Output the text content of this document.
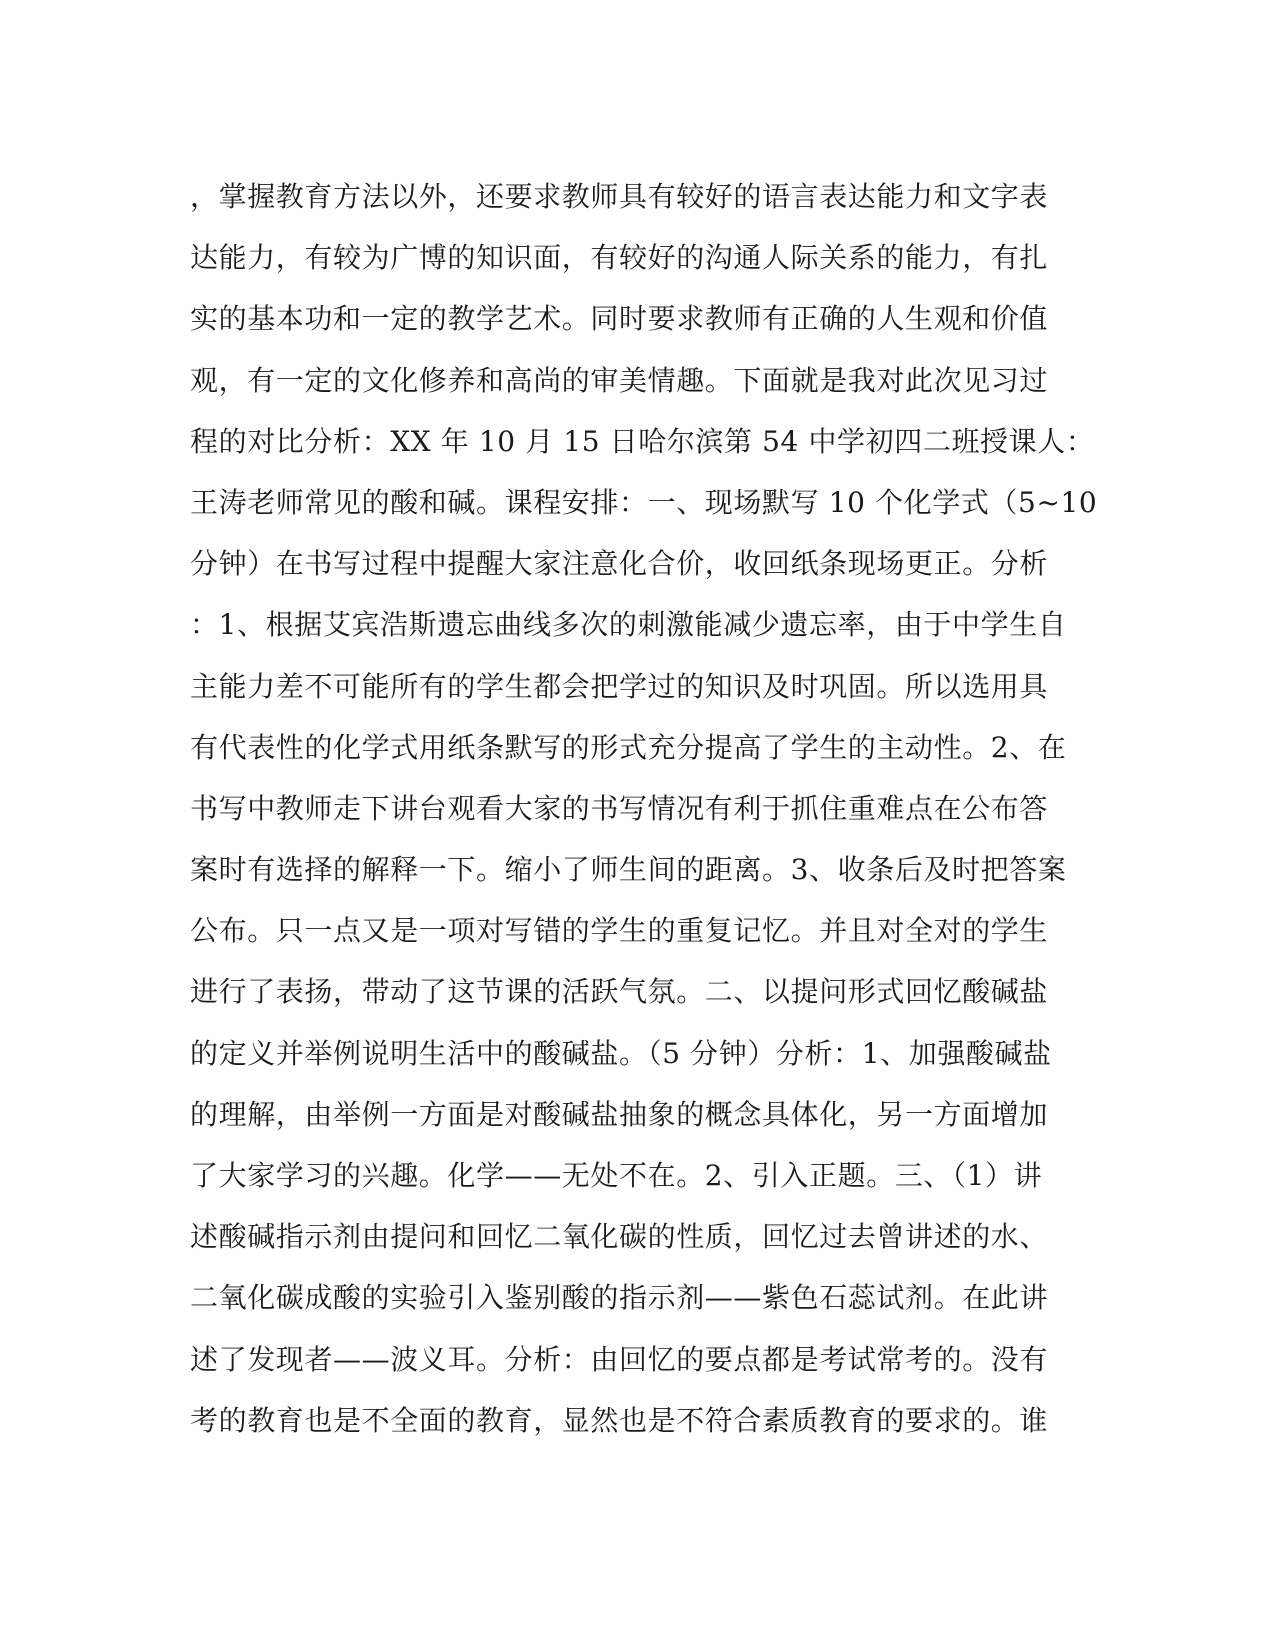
，掌握教育方法以外，还要求教师具有较好的语言表达能力和文字表
达能力，有较为广博的知识面，有较好的沟通人际关系的能力，有扎
实的基本功和一定的教学艺术。同时要求教师有正确的人生观和价值
观，有一定的文化修养和高尚的审美情趣。下面就是我对此次见习过
程的对比分析：XX 年 10 月 15 日哈尔滨第 54 中学初四二班授课人：
王涛老师常见的酸和碱。课程安排：一、现场默写 10 个化学式（5~10
分钟）在书写过程中提醒大家注意化合价，收回纸条现场更正。分析
：1、根据艾宾浩斯遗忘曲线多次的刺激能减少遗忘率，由于中学生自
主能力差不可能所有的学生都会把学过的知识及时巩固。所以选用具
有代表性的化学式用纸条默写的形式充分提高了学生的主动性。2、在
书写中教师走下讲台观看大家的书写情况有利于抓住重难点在公布答
案时有选择的解释一下。缩小了师生间的距离。3、收条后及时把答案
公布。只一点又是一项对写错的学生的重复记忆。并且对全对的学生
进行了表扬，带动了这节课的活跃气氛。二、以提问形式回忆酸碱盐
的定义并举例说明生活中的酸碱盐。（5 分钟）分析：1、加强酸碱盐
的理解，由举例一方面是对酸碱盐抽象的概念具体化，另一方面增加
了大家学习的兴趣。化学——无处不在。2、引入正题。三、（1）讲
述酸碱指示剂由提问和回忆二氧化碳的性质，回忆过去曾讲述的水、
二氧化碳成酸的实验引入鉴别酸的指示剂——紫色石蕊试剂。在此讲
述了发现者——波义耳。分析：由回忆的要点都是考试常考的。没有
考的教育也是不全面的教育，显然也是不符合素质教育的要求的。谁
